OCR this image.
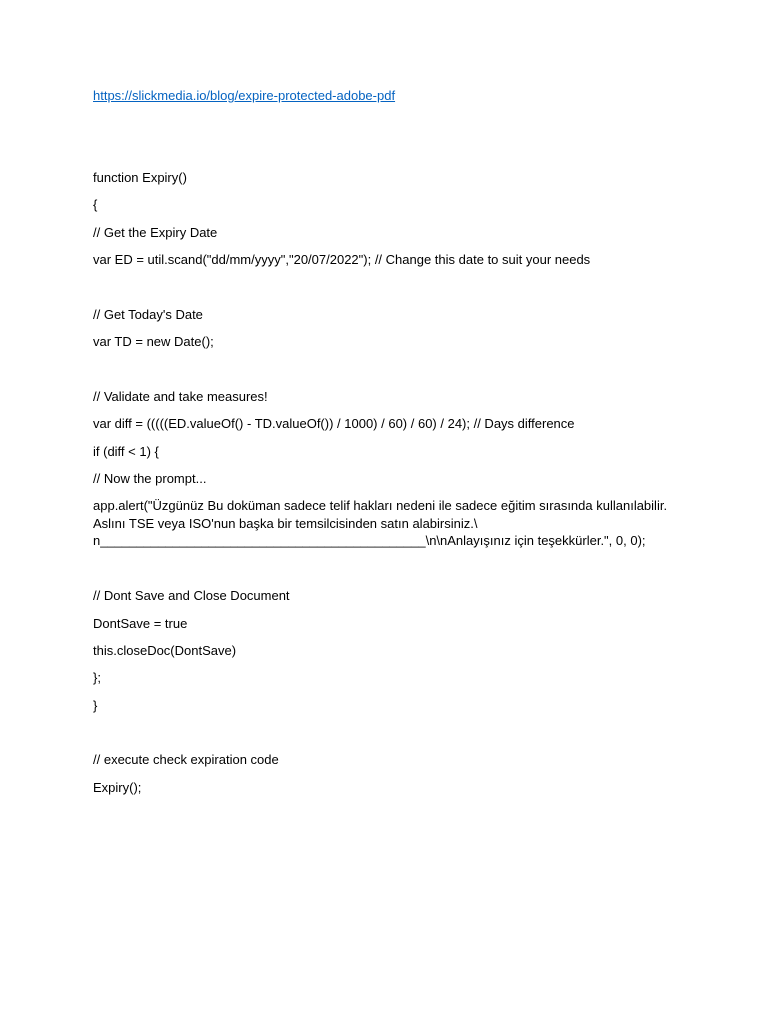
https://slickmedia.io/blog/expire-protected-adobe-pdf

function Expiry()

{

// Get the Expiry Date

var ED = util.scand("dd/mm/yyyy","20/07/2022"); // Change this date to suit your needs

// Get Today's Date

var TD = new Date();

// Validate and take measures!

var diff = (((((ED.valueOf() - TD.valueOf()) / 1000) / 60) / 60) / 24); // Days difference

if (diff < 1) {

// Now the prompt...

app.alert("Üzgünüz Bu doküman sadece telif hakları nedeni ile sadece eğitim sırasında kullanılabilir.
Aslını TSE veya ISO'nun başka bir temsilcisinden satın alabirsiniz.\
n_____________________________________________\n\nAnlayışınız için teşekkürler.", 0, 0);

// Dont Save and Close Document

DontSave = true

this.closeDoc(DontSave)

};

}

// execute check expiration code

Expiry();
